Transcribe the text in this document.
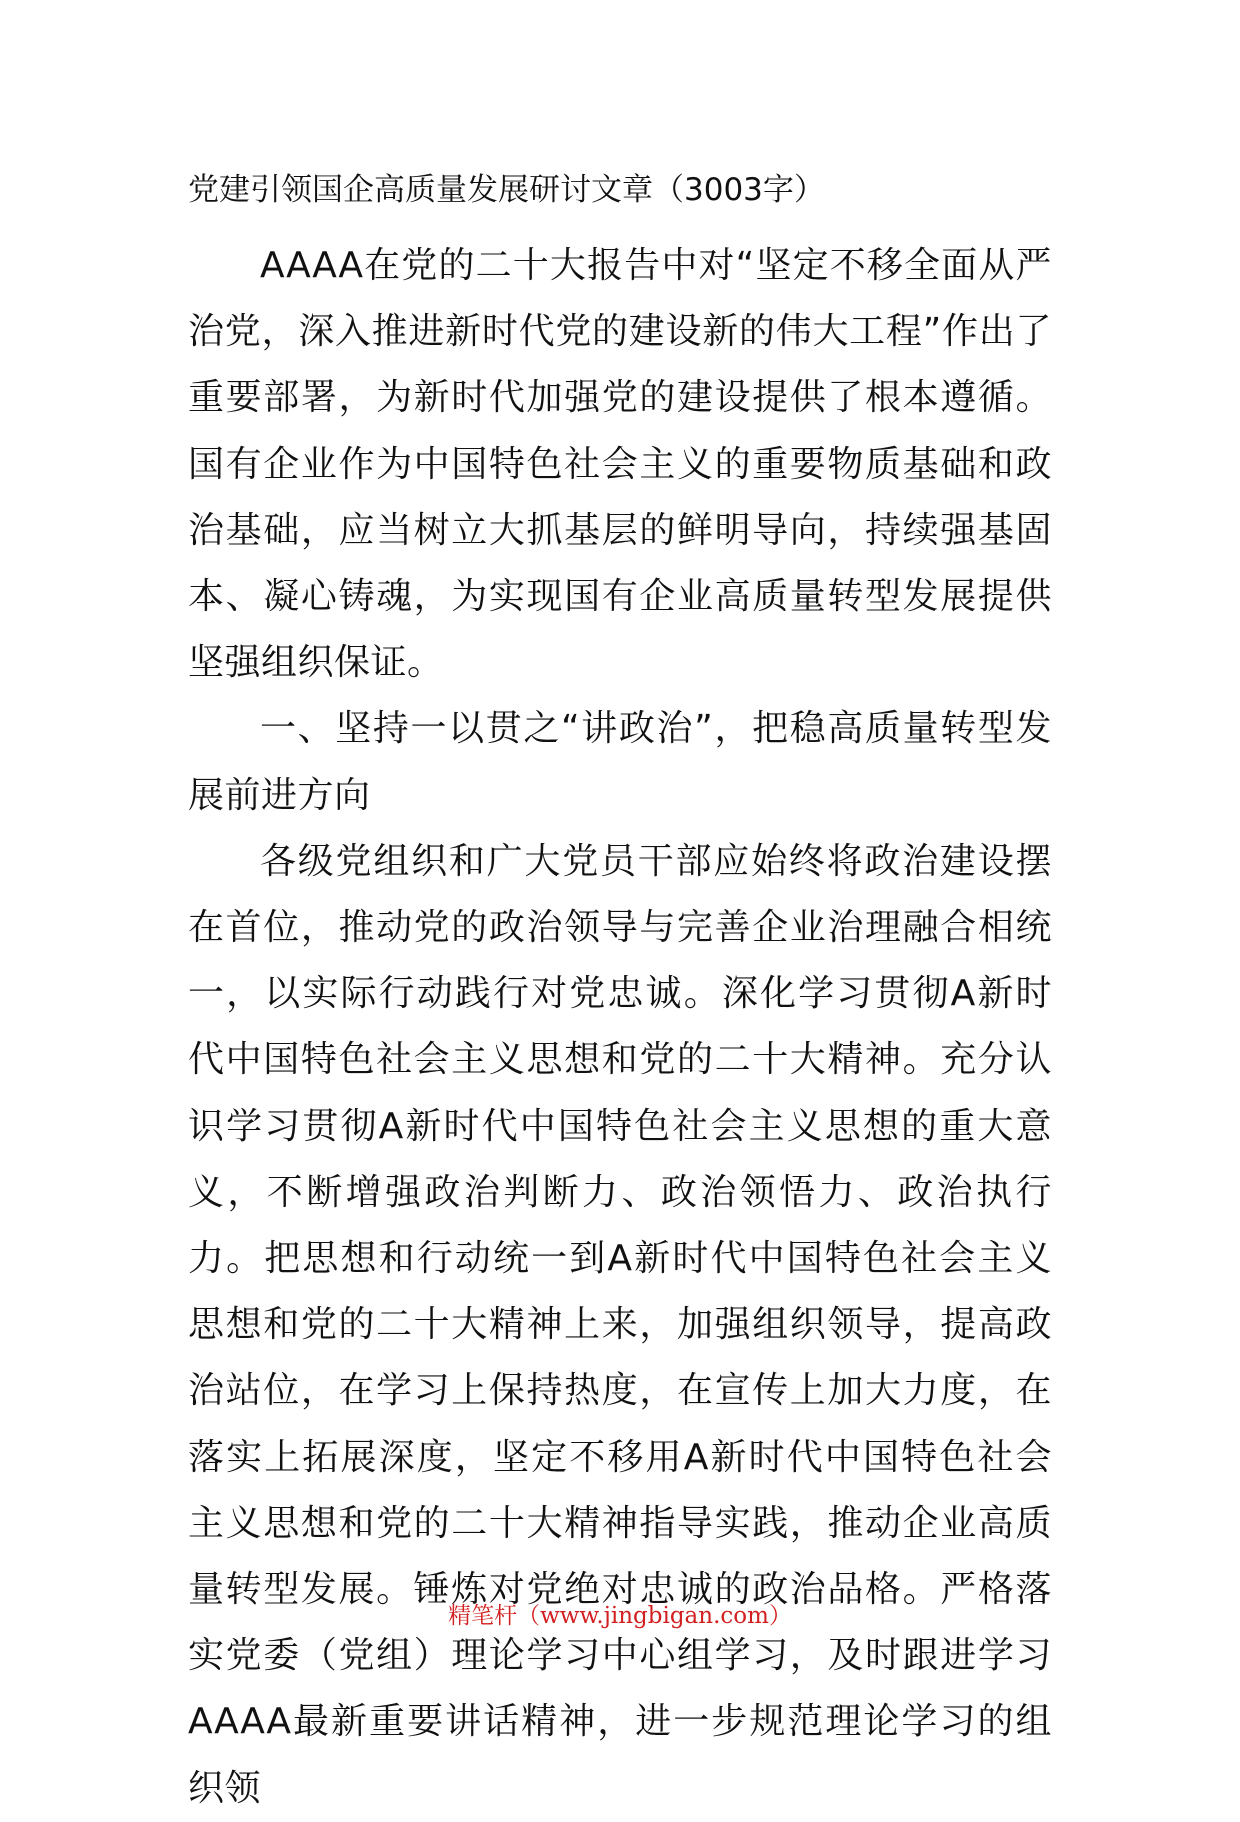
党建引领国企高质量发展研讨文章（3003字）

AAAA在党的二十大报告中对“坚定不移全面从严治党，深入推进新时代党的建设新的伟大工程”作出了重要部署，为新时代加强党的建设提供了根本遵循。国有企业作为中国特色社会主义的重要物质基础和政治基础，应当树立大抓基层的鲜明导向，持续强基固本、凝心铸魂，为实现国有企业高质量转型发展提供坚强组织保证。

一、坚持一以贯之“讲政治”，把稳高质量转型发展前进方向

各级党组织和广大党员干部应始终将政治建设摆在首位，推动党的政治领导与完善企业治理融合相统一，以实际行动践行对党忠诚。深化学习贯彻A新时代中国特色社会主义思想和党的二十大精神。充分认识学习贯彻A新时代中国特色社会主义思想的重大意义，不断增强政治判断力、政治领悟力、政治执行力。把思想和行动统一到A新时代中国特色社会主义思想和党的二十大精神上来，加强组织领导，提高政治站位，在学习上保持热度，在宣传上加大力度，在落实上拓展深度，坚定不移用A新时代中国特色社会主义思想和党的二十大精神指导实践，推动企业高质量转型发展。锤炼对党绝对忠诚的政治品格。严格落实党委（党组）理论学习中心组学习，及时跟进学习AAAA最新重要讲话精神，进一步规范理论学习的组织领

精笔杆（www.jingbigan.com）
